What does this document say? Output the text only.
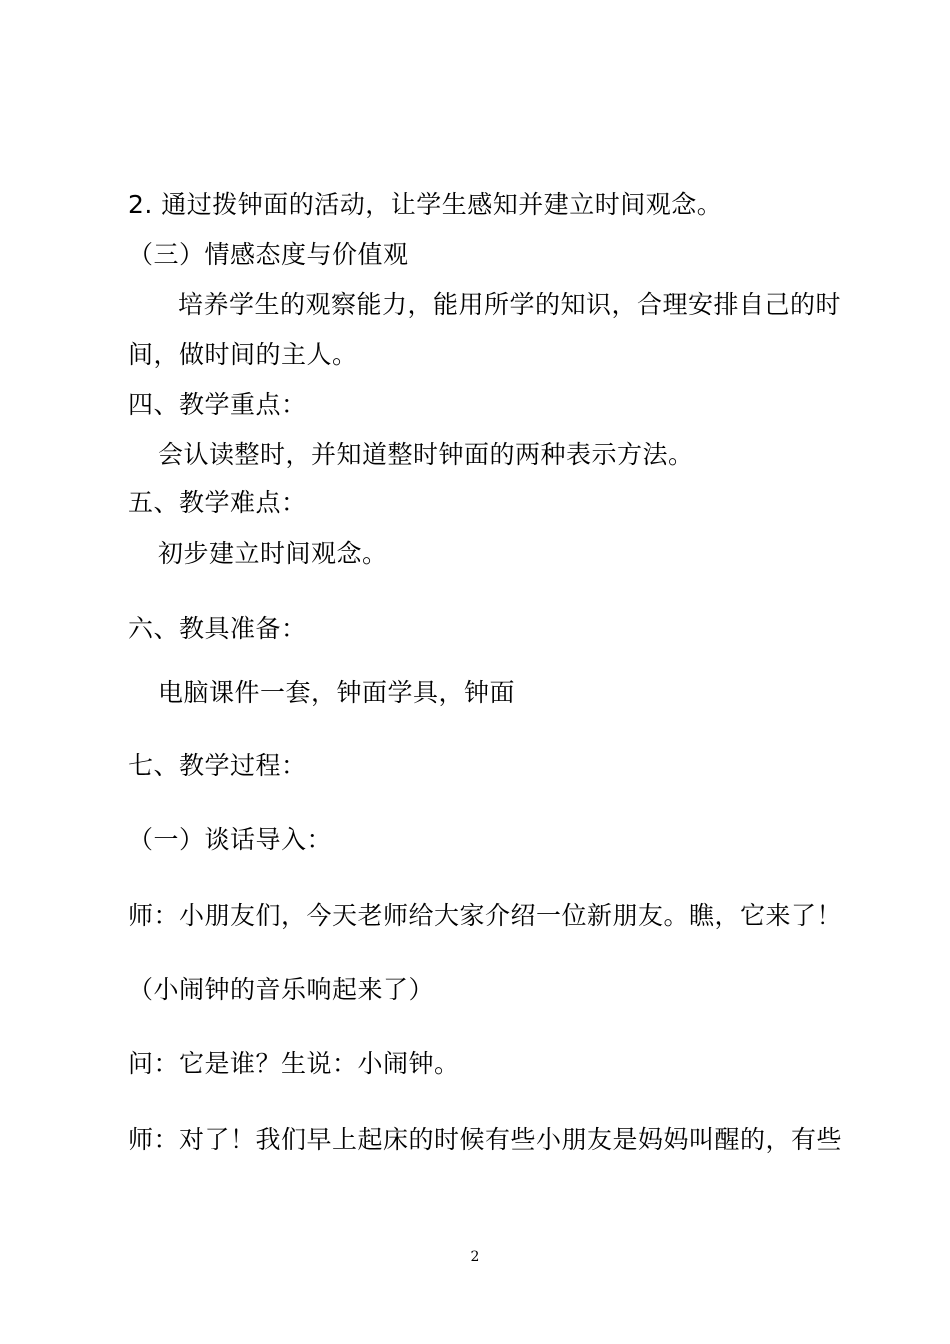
2. 通过拨钟面的活动，让学生感知并建立时间观念。
（三）情感态度与价值观
培养学生的观察能力，能用所学的知识，合理安排自己的时
间，做时间的主人。
四、教学重点：
会认读整时，并知道整时钟面的两种表示方法。
五、教学难点：
初步建立时间观念。
六、教具准备：
电脑课件一套，钟面学具，钟面
七、教学过程：
（一）谈话导入：
师：小朋友们，今天老师给大家介绍一位新朋友。瞧，它来了！
（小闹钟的音乐响起来了）
问：它是谁？生说：小闹钟。
师：对了！我们早上起床的时候有些小朋友是妈妈叫醒的，有些
2
